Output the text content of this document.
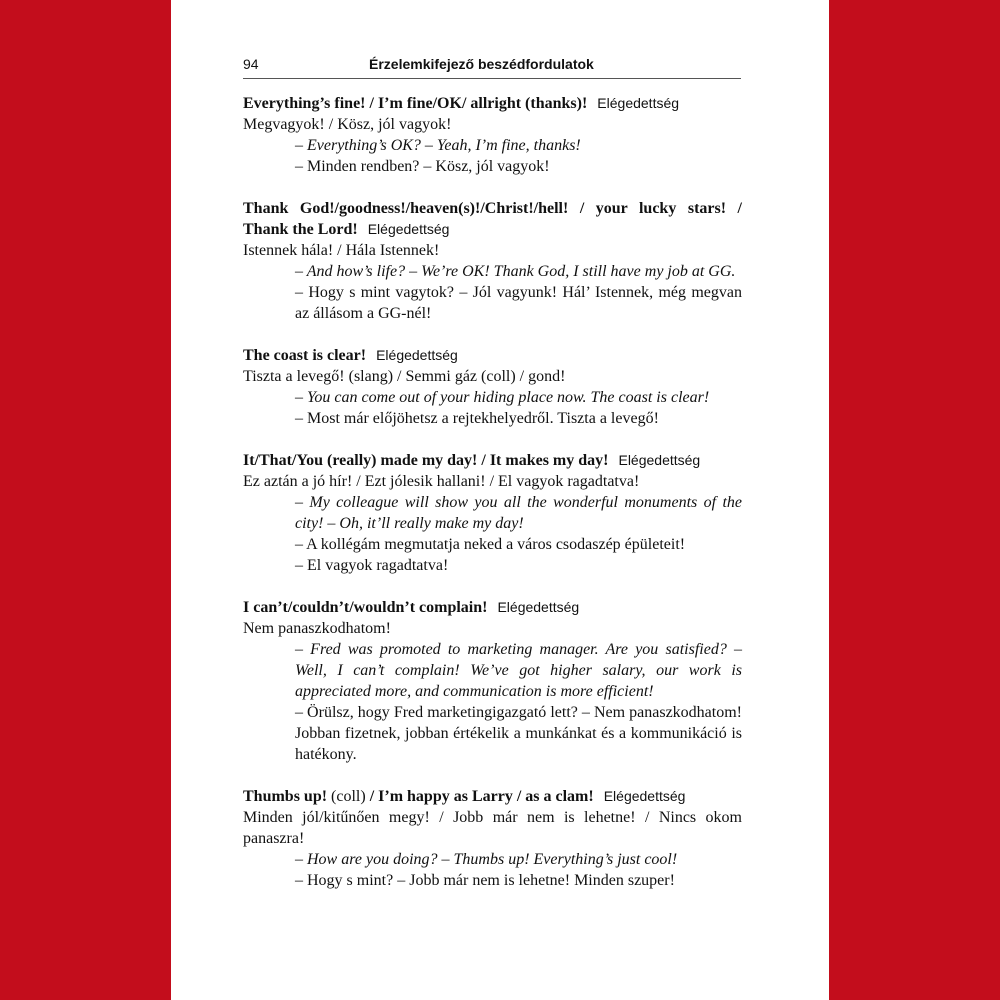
94	Érzelemkifejező beszédfordulatok
Everything’s fine! / I’m fine/OK/ allright (thanks)! Elégedettség
Megvagyok! / Kösz, jól vagyok!
– Everything’s OK? – Yeah, I’m fine, thanks!
– Minden rendben? – Kösz, jól vagyok!
Thank God!/goodness!/heaven(s)!/Christ!/hell! / your lucky stars! / Thank the Lord! Elégedettség
Istennek hála! / Hála Istennek!
– And how’s life? – We’re OK! Thank God, I still have my job at GG.
– Hogy s mint vagytok? – Jól vagyunk! Hál’ Istennek, még megvan az állásom a GG-nél!
The coast is clear! Elégedettség
Tiszta a levegő! (slang) / Semmi gáz (coll) / gond!
– You can come out of your hiding place now. The coast is clear!
– Most már előjöhetsz a rejtekhelyedről. Tiszta a levegő!
It/That/You (really) made my day! / It makes my day! Elégedettség
Ez aztán a jó hír! / Ezt jólesik hallani! / El vagyok ragadtatva!
– My colleague will show you all the wonderful monuments of the city! – Oh, it’ll really make my day!
– A kollégám megmutatja neked a város csodaszép épületeit!
– El vagyok ragadtatva!
I can’t/couldn’t/wouldn’t complain! Elégedettség
Nem panaszkodhatom!
– Fred was promoted to marketing manager. Are you satisfied? – Well, I can’t complain! We’ve got higher salary, our work is appreciated more, and communication is more efficient!
– Örülsz, hogy Fred marketingigazgató lett? – Nem panaszkodhatom! Jobban fizetnek, jobban értékelik a munkánkat és a kommunikáció is hatékony.
Thumbs up! (coll) / I’m happy as Larry / as a clam! Elégedettség
Minden jól/kitűnően megy! / Jobb már nem is lehetne! / Nincs okom panaszra!
– How are you doing? – Thumbs up! Everything’s just cool!
– Hogy s mint? – Jobb már nem is lehetne! Minden szuper!
